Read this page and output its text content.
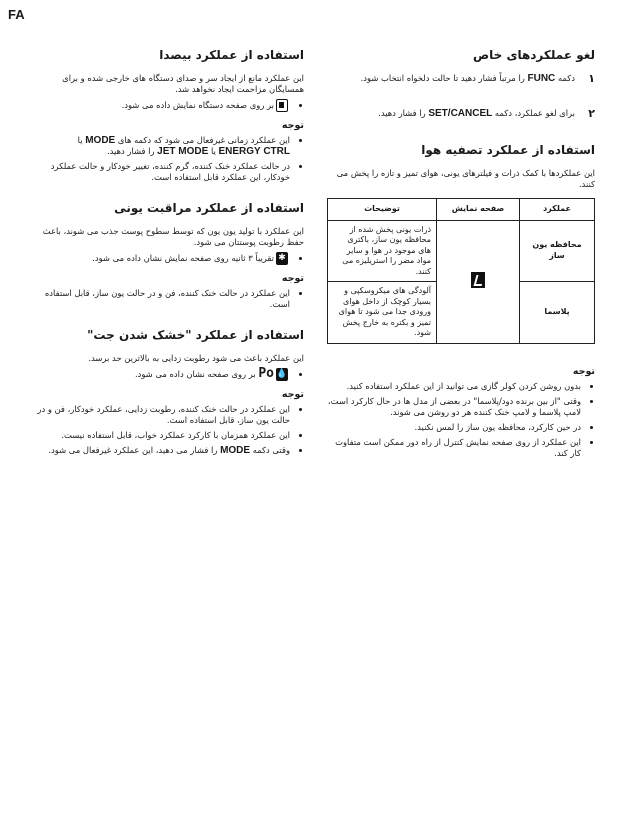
FA
لغو عملکردهای خاص
۱
دکمه FUNC را مرتباً فشار دهید تا حالت دلخواه انتخاب شود.
۲
برای لغو عملکرد، دکمه SET/CANCEL را فشار دهید.
استفاده از عملکرد تصفیه هوا

این عملکردها با کمک ذرات و فیلترهای یونی، هوای تمیز و تازه را پخش می کنند.

عملکرد	صفحه نمایش	توضیحات
محافظه یون ساز		ذرات یونی پخش شده از محافظه یون ساز، باکتری های موجود در هوا و سایر مواد مضر را استریلیزه می کنند.
پلاسما		آلودگی های میکروسکپی و بسیار کوچک از داخل هوای ورودی جدا می شود تا هوای تمیز و بکتره به خارج پخش شود.
توجه
• بدون روشن کردن کولر گازی می توانید از این عملکرد استفاده کنید.
• وقتی "از بین برنده دود/پلاسما" در بعضی از مدل ها در حال کارکرد است، لامپ پلاسما و لامپ خنک کننده هر دو روشن می شوند.
• در حین کارکرد، محافظه یون ساز را لمس نکنید.
• این عملکرد از روی صفحه نمایش کنترل از راه دور ممکن است متفاوت کار کند.
استفاده از عملکرد بیصدا

این عملکرد مانع از ایجاد سر و صدای دستگاه های خارجی شده و برای همسایگان مزاحمت ایجاد نخواهد شد.

• بر روی صفحه دستگاه نمایش داده می شود.
توجه
• این عملکرد زمانی غیرفعال می شود که دکمه های MODE یا ENERGY CTRL یا JET MODE را فشار دهید.
• در حالت عملکرد خنک کننده، گرم کننده، تغییر خودکار و حالت عملکرد خودکار، این عملکرد قابل استفاده است.
استفاده از عملکرد مراقبت یونی

این عملکرد با تولید یون یون که توسط سطوح پوست جذب می شوند، باعث حفظ رطوبت پوستتان می شود.

• ✱تقریباً ۳ ثانیه روی صفحه نمایش نشان داده می شود.
توجه
• این عملکرد در حالت خنک کننده، فن و در حالت یون ساز، قابل استفاده است.
استفاده از عملکرد "خشک شدن جت"

این عملکرد باعث می شود رطوبت زدایی به بالاترین حد برسد.

• 💧Po بر روی صفحه نشان داده می شود.
توجه
• این عملکرد در حالت خنک کننده، رطوبت زدایی، عملکرد خودکار، فن و در حالت یون ساز، قابل استفاده است.
• این عملکرد همزمان با کارکرد عملکرد خواب، قابل استفاده نیست.
• وقتی دکمه MODE را فشار می دهید، این عملکرد غیرفعال می شود.
